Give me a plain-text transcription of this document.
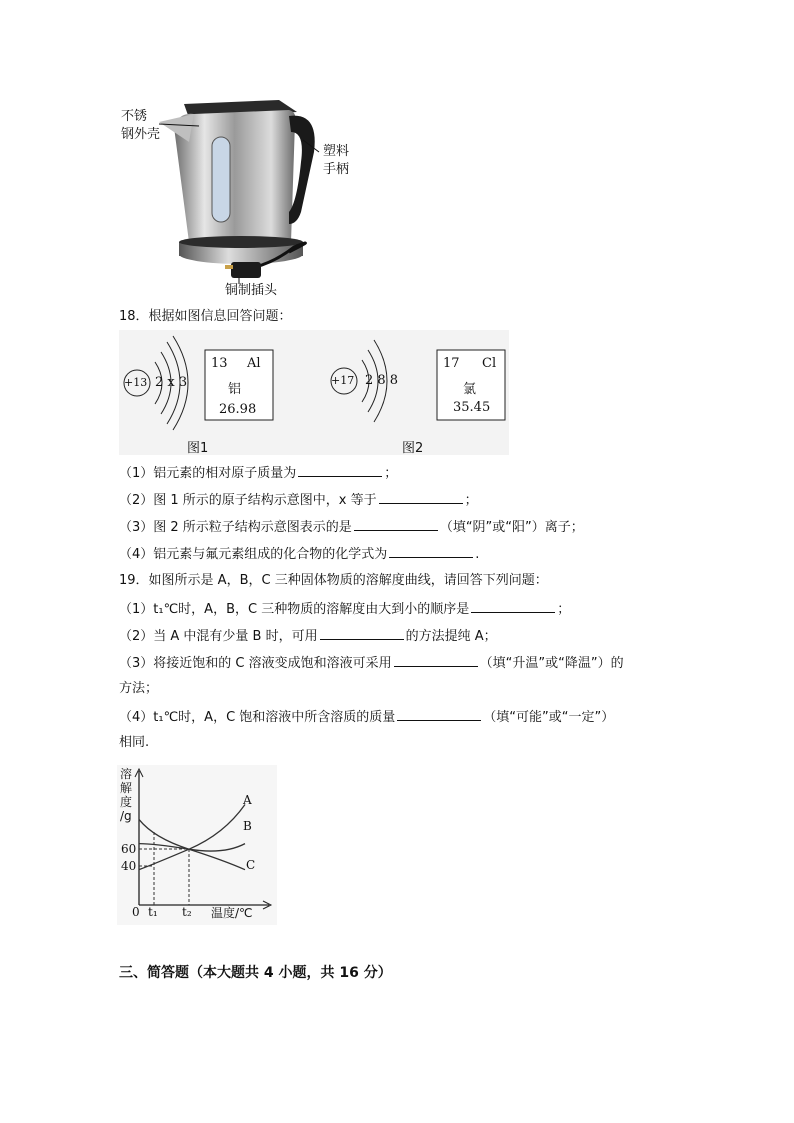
不锈
钢外壳
塑料
手柄
铜制插头
18．根据如图信息回答问题：
+13 2 x 3
13 Al
铝
26.98
图1
+17 2 8 8
17 Cl
氯
35.45
图2
（1）铝元素的相对原子质量为	；
（2）图 1 所示的原子结构示意图中，x 等于	；
（3）图 2 所示粒子结构示意图表示的是	（填“阴”或“阳”）离子；
（4）铝元素与氟元素组成的化合物的化学式为	.
19．如图所示是 A，B，C 三种固体物质的溶解度曲线，请回答下列问题：
（1）t₁℃时，A，B，C 三种物质的溶解度由大到小的顺序是	；
（2）当 A 中混有少量 B 时，可用	的方法提纯 A；
（3）将接近饱和的 C 溶液变成饱和溶液可采用	（填“升温”或“降温”）的
方法；
（4）t₁℃时，A，C 饱和溶液中所含溶质的质量	（填“可能”或“一定”）
相同.
溶
解
度
/g
60
40
0 t₁ t₂ 温度/℃
A
B
C
三、简答题（本大题共 4 小题，共 16 分）
